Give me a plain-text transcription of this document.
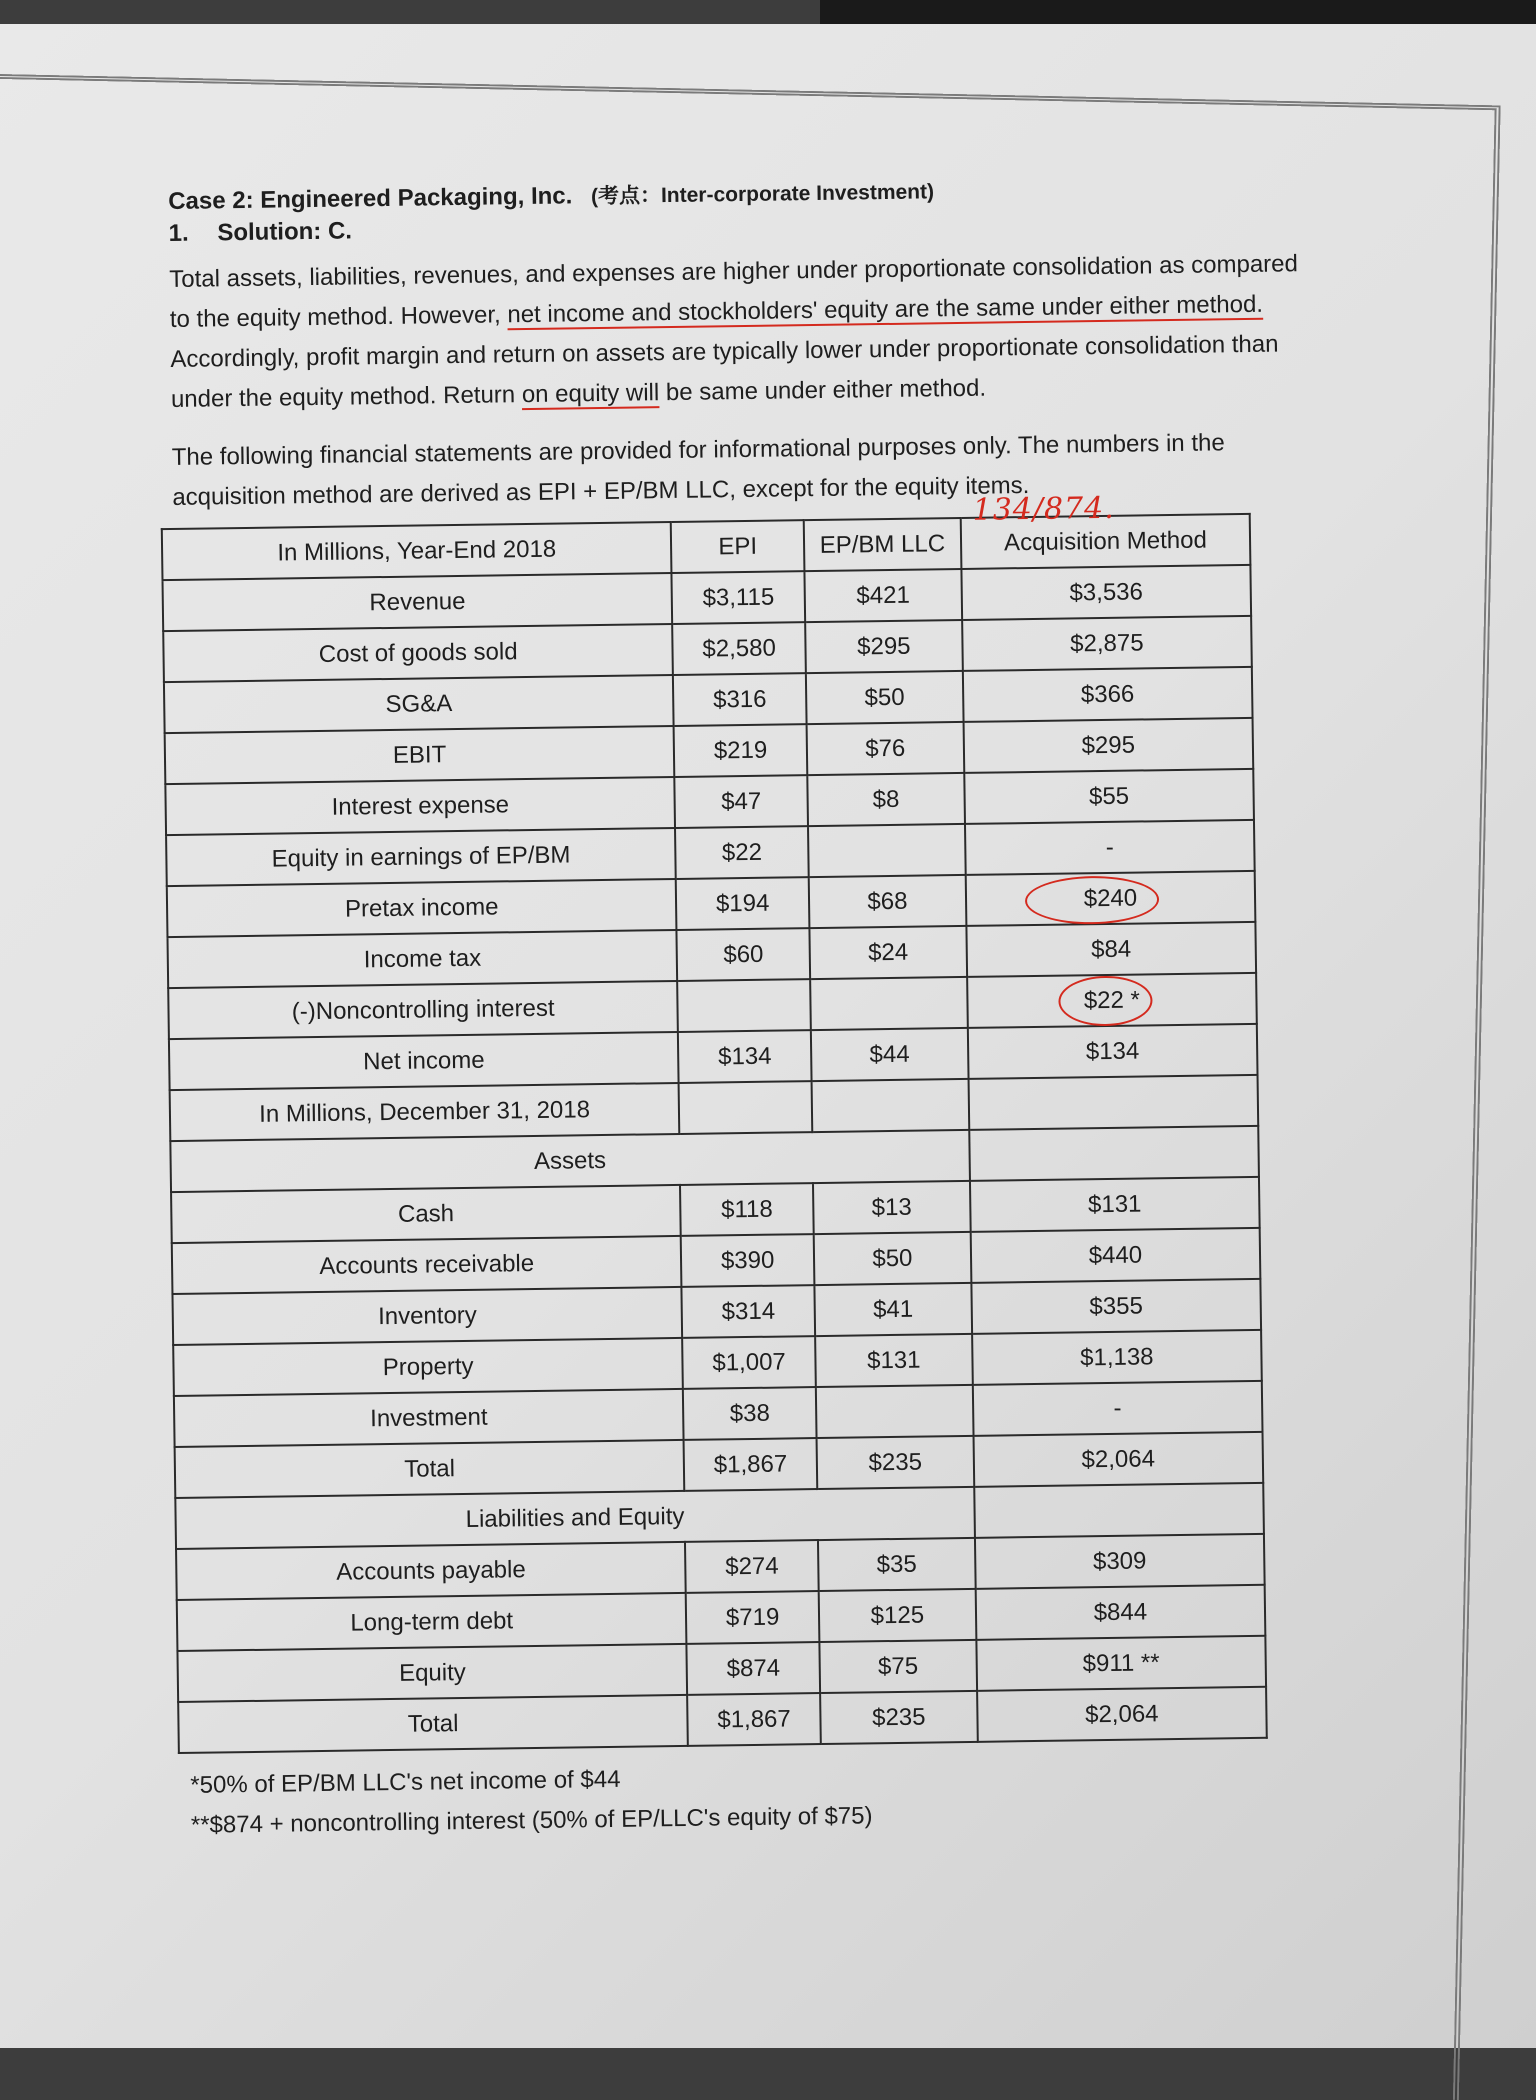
Case 2: Engineered Packaging, Inc. (考点：Inter-corporate Investment)

1. Solution: C.

Total assets, liabilities, revenues, and expenses are higher under proportionate consolidation as compared to the equity method. However, net income and stockholders' equity are the same under either method. Accordingly, profit margin and return on assets are typically lower under proportionate consolidation than under the equity method. Return on equity will be same under either method.

134/874.

The following financial statements are provided for informational purposes only. The numbers in the acquisition method are derived as EPI + EP/BM LLC, except for the equity items.

In Millions, Year-End 2018	EPI	EP/BM LLC	Acquisition Method
Revenue	$3,115	$421	$3,536
Cost of goods sold	$2,580	$295	$2,875
SG&A	$316	$50	$366
EBIT	$219	$76	$295
Interest expense	$47	$8	$55
Equity in earnings of EP/BM	$22		-
Pretax income	$194	$68	$240

Income tax	$60	$24	$84
(-)Noncontrolling interest			$22 *

Net income	$134	$44	$134
In Millions, December 31, 2018			
Assets			
Cash	$118	$13	$131
Accounts receivable	$390	$50	$440
Inventory	$314	$41	$355
Property	$1,007	$131	$1,138
Investment	$38		-
Total	$1,867	$235	$2,064
Liabilities and Equity			
Accounts payable	$274	$35	$309
Long-term debt	$719	$125	$844
Equity	$874	$75	$911 **
Total	$1,867	$235	$2,064

*50% of EP/BM LLC's net income of $44

**$874 + noncontrolling interest (50% of EP/LLC's equity of $75)
